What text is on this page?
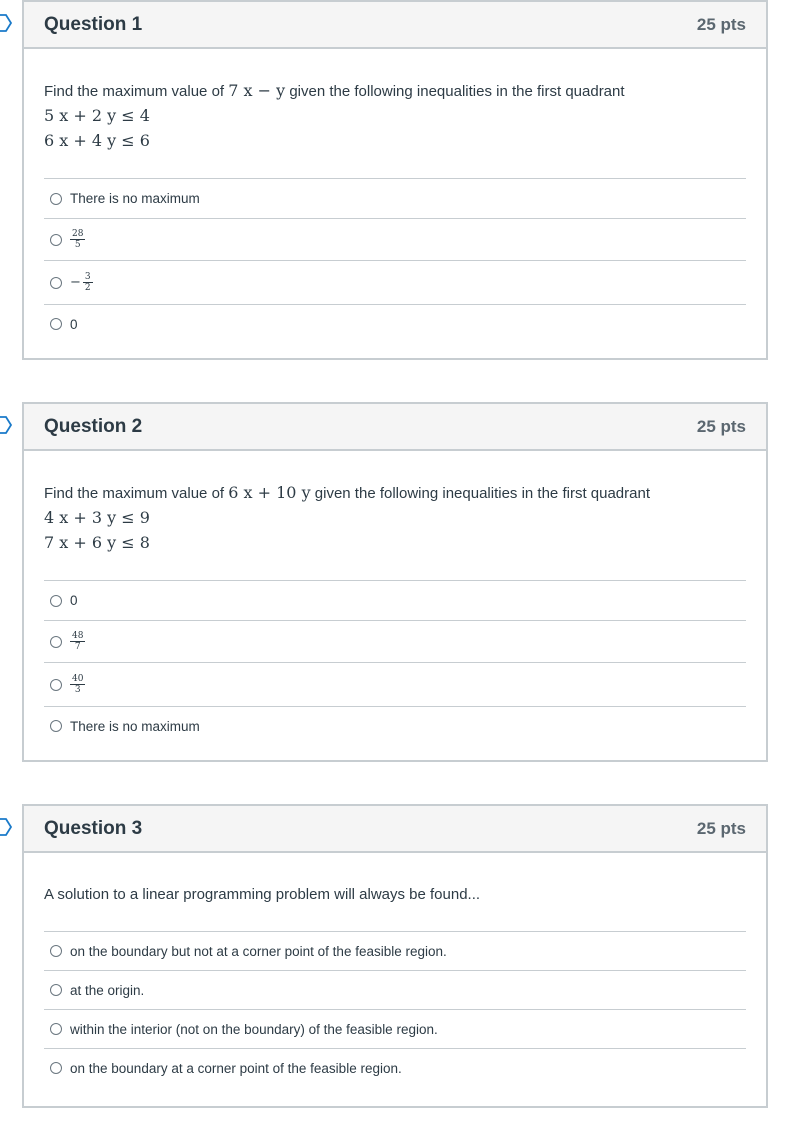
Question 1	25 pts
Find the maximum value of 7 x − y given the following inequalities in the first quadrant
5 x + 2 y ≤ 4
6 x + 4 y ≤ 6
There is no maximum
$\frac{28}{5}$
− $\frac{3}{2}$
0
Question 2	25 pts
Find the maximum value of 6 x + 10 y given the following inequalities in the first quadrant
4 x + 3 y ≤ 9
7 x + 6 y ≤ 8
0
$\frac{48}{7}$
$\frac{40}{3}$
There is no maximum
Question 3	25 pts
A solution to a linear programming problem will always be found...
on the boundary but not at a corner point of the feasible region.
at the origin.
within the interior (not on the boundary) of the feasible region.
on the boundary at a corner point of the feasible region.
